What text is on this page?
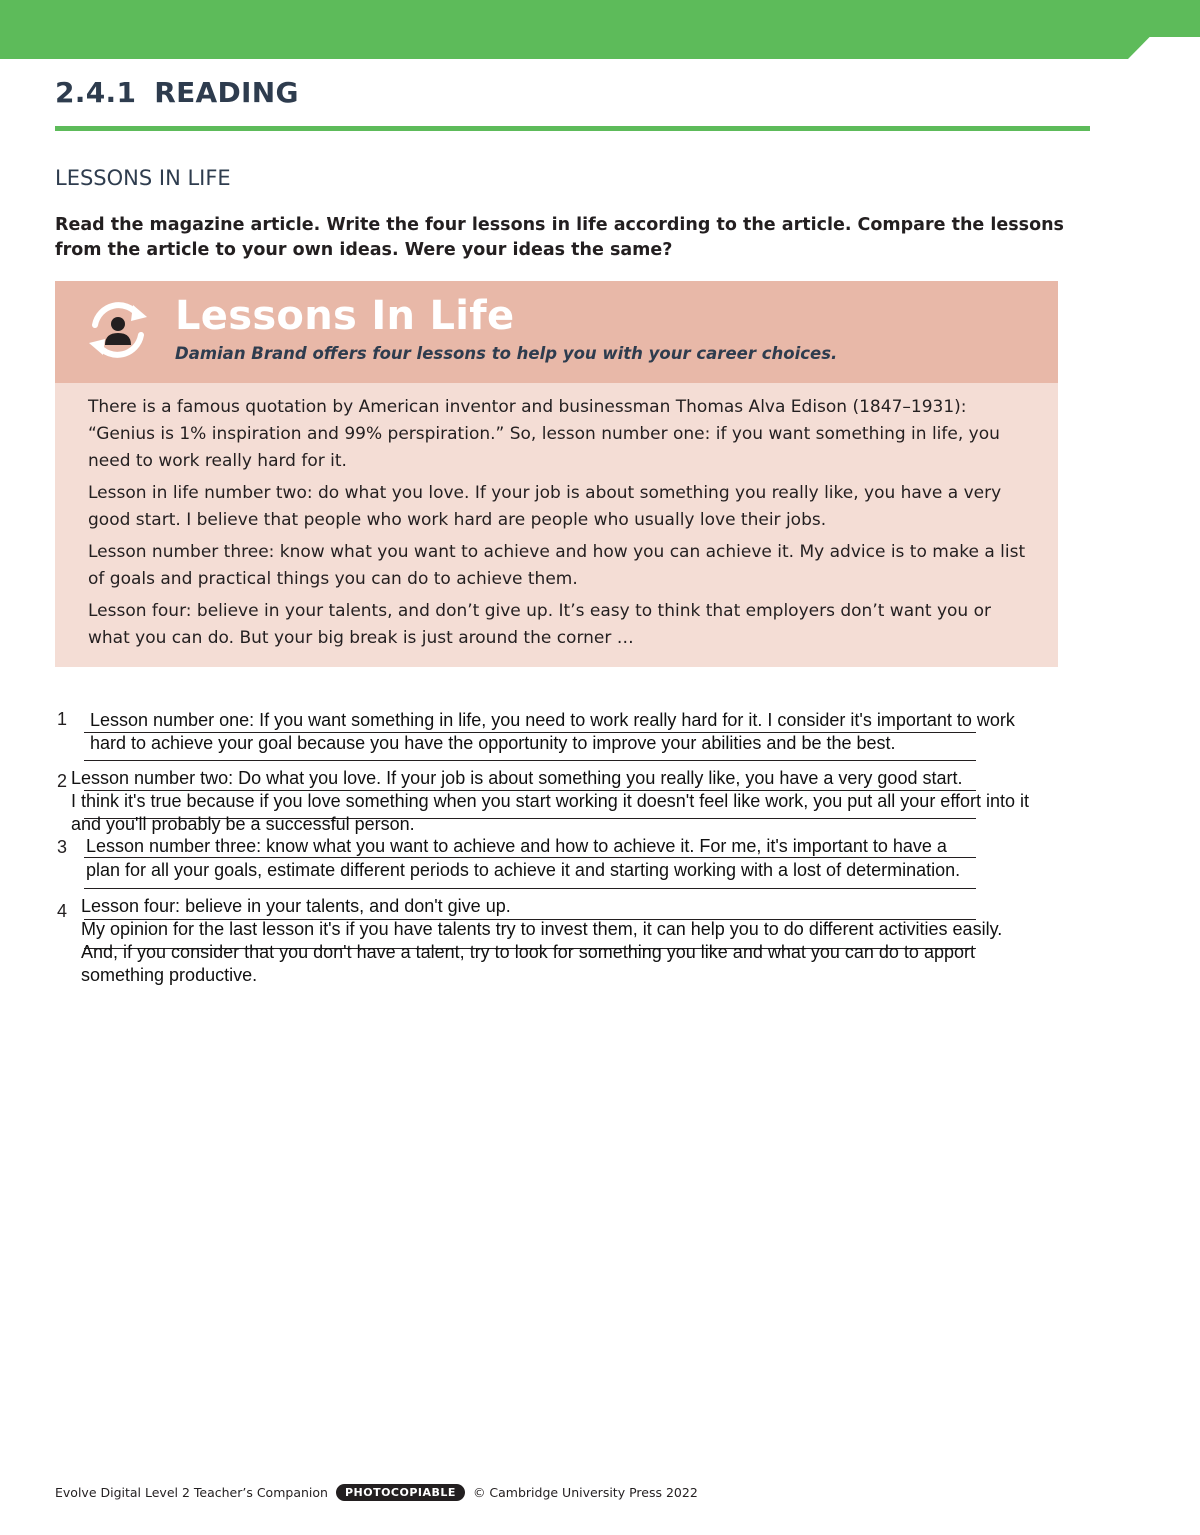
2.4.1 READING
LESSONS IN LIFE
Read the magazine article. Write the four lessons in life according to the article. Compare the lessons from the article to your own ideas. Were your ideas the same?
Lessons In Life
Damian Brand offers four lessons to help you with your career choices.

There is a famous quotation by American inventor and businessman Thomas Alva Edison (1847–1931): “Genius is 1% inspiration and 99% perspiration.” So, lesson number one: if you want something in life, you need to work really hard for it.

Lesson in life number two: do what you love. If your job is about something you really like, you have a very good start. I believe that people who work hard are people who usually love their jobs.

Lesson number three: know what you want to achieve and how you can achieve it. My advice is to make a list of goals and practical things you can do to achieve them.

Lesson four: believe in your talents, and don’t give up. It’s easy to think that employers don’t want you or what you can do. But your big break is just around the corner …

1 Lesson number one: If you want something in life, you need to work really hard for it. I consider it's important to work
hard to achieve your goal because you have the opportunity to improve your abilities and be the best.
2 Lesson number two: Do what you love. If your job is about something you really like, you have a very good start.
I think it's true because if you love something when you start working it doesn't feel like work, you put all your effort into it
and you'll probably be a successful person.
3 Lesson number three: know what you want to achieve and how to achieve it. For me, it's important to have a
plan for all your goals, estimate different periods to achieve it and starting working with a lost of determination.
4 Lesson four: believe in your talents, and don't give up.
My opinion for the last lesson it's if you have talents try to invest them, it can help you to do different activities easily.
And, if you consider that you don't have a talent, try to look for something you like and what you can do to apport
something productive.
Evolve Digital Level 2 Teacher’s Companion	PHOTOCOPIABLE	© Cambridge University Press 2022
